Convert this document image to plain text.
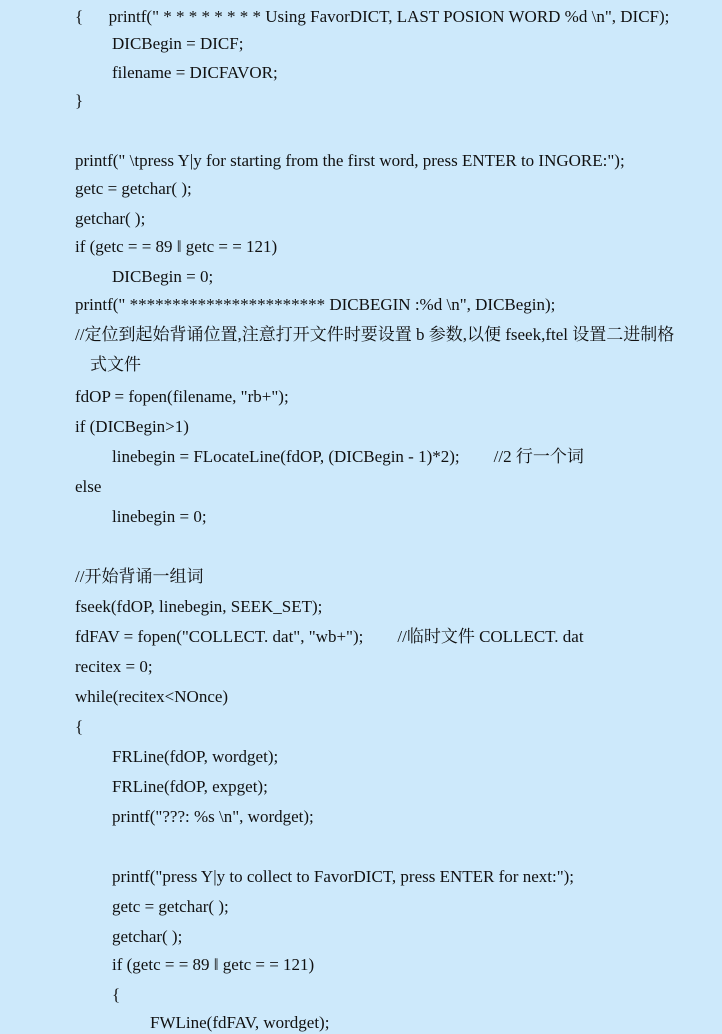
{      printf(" * * * * * * * * Using FavorDICT, LAST POSION WORD %d \n", DICF);
DICBegin = DICF;
filename = DICFAVOR;
}
printf(" \tpress Y|y for starting from the first word, press ENTER to INGORE:");
getc = getchar( );
getchar( );
if (getc = = 89 ‖ getc = = 121)
DICBegin = 0;
printf(" *********************** DICBEGIN :%d \n", DICBegin);
//定位到起始背诵位置,注意打开文件时要设置 b 参数,以便 fseek,ftel 设置二进制格
式文件
fdOP = fopen(filename, "rb+");
if (DICBegin>1)
linebegin = FLocateLine(fdOP, (DICBegin - 1)*2);        //2 行一个词
else
linebegin = 0;
//开始背诵一组词
fseek(fdOP, linebegin, SEEK_SET);
fdFAV = fopen("COLLECT. dat", "wb+");        //临时文件 COLLECT. dat
recitex = 0;
while(recitex<NOnce)
{
FRLine(fdOP, wordget);
FRLine(fdOP, expget);
printf("???: %s \n", wordget);
printf("press Y|y to collect to FavorDICT, press ENTER for next:");
getc = getchar( );
getchar( );
if (getc = = 89 ‖ getc = = 121)
{
FWLine(fdFAV, wordget);
